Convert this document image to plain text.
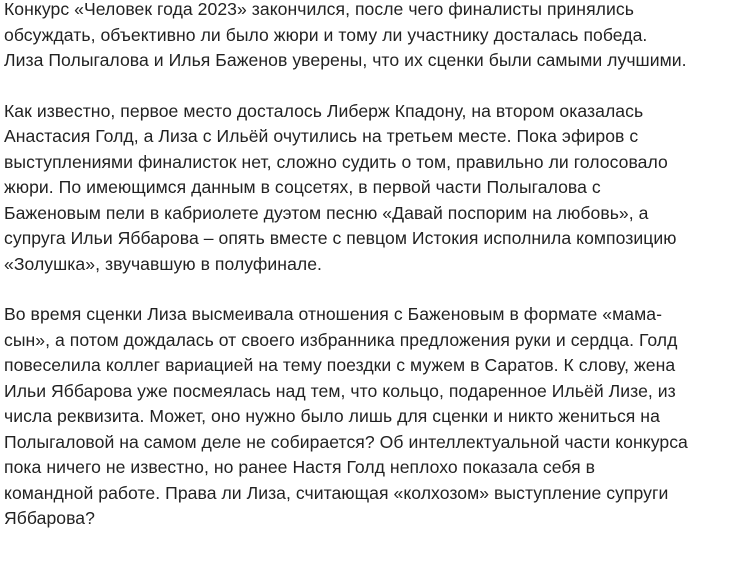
Конкурс «Человек года 2023» закончился, после чего финалисты принялись
обсуждать, объективно ли было жюри и тому ли участнику досталась победа.
Лиза Полыгалова и Илья Баженов уверены, что их сценки были самыми лучшими.

Как известно, первое место досталось Либерж Кпадону, на втором оказалась
Анастасия Голд, а Лиза с Ильёй очутились на третьем месте. Пока эфиров с
выступлениями финалисток нет, сложно судить о том, правильно ли голосовало
жюри. По имеющимся данным в соцсетях, в первой части Полыгалова с
Баженовым пели в кабриолете дуэтом песню «Давай поспорим на любовь», а
супруга Ильи Яббарова – опять вместе с певцом Истокия исполнила композицию
«Золушка», звучавшую в полуфинале.

Во время сценки Лиза высмеивала отношения с Баженовым в формате «мама-
сын», а потом дождалась от своего избранника предложения руки и сердца. Голд
повеселила коллег вариацией на тему поездки с мужем в Саратов. К слову, жена
Ильи Яббарова уже посмеялась над тем, что кольцо, подаренное Ильёй Лизе, из
числа реквизита. Может, оно нужно было лишь для сценки и никто жениться на
Полыгаловой на самом деле не собирается? Об интеллектуальной части конкурса
пока ничего не известно, но ранее Настя Голд неплохо показала себя в
командной работе. Права ли Лиза, считающая «колхозом» выступление супруги
Яббарова?
